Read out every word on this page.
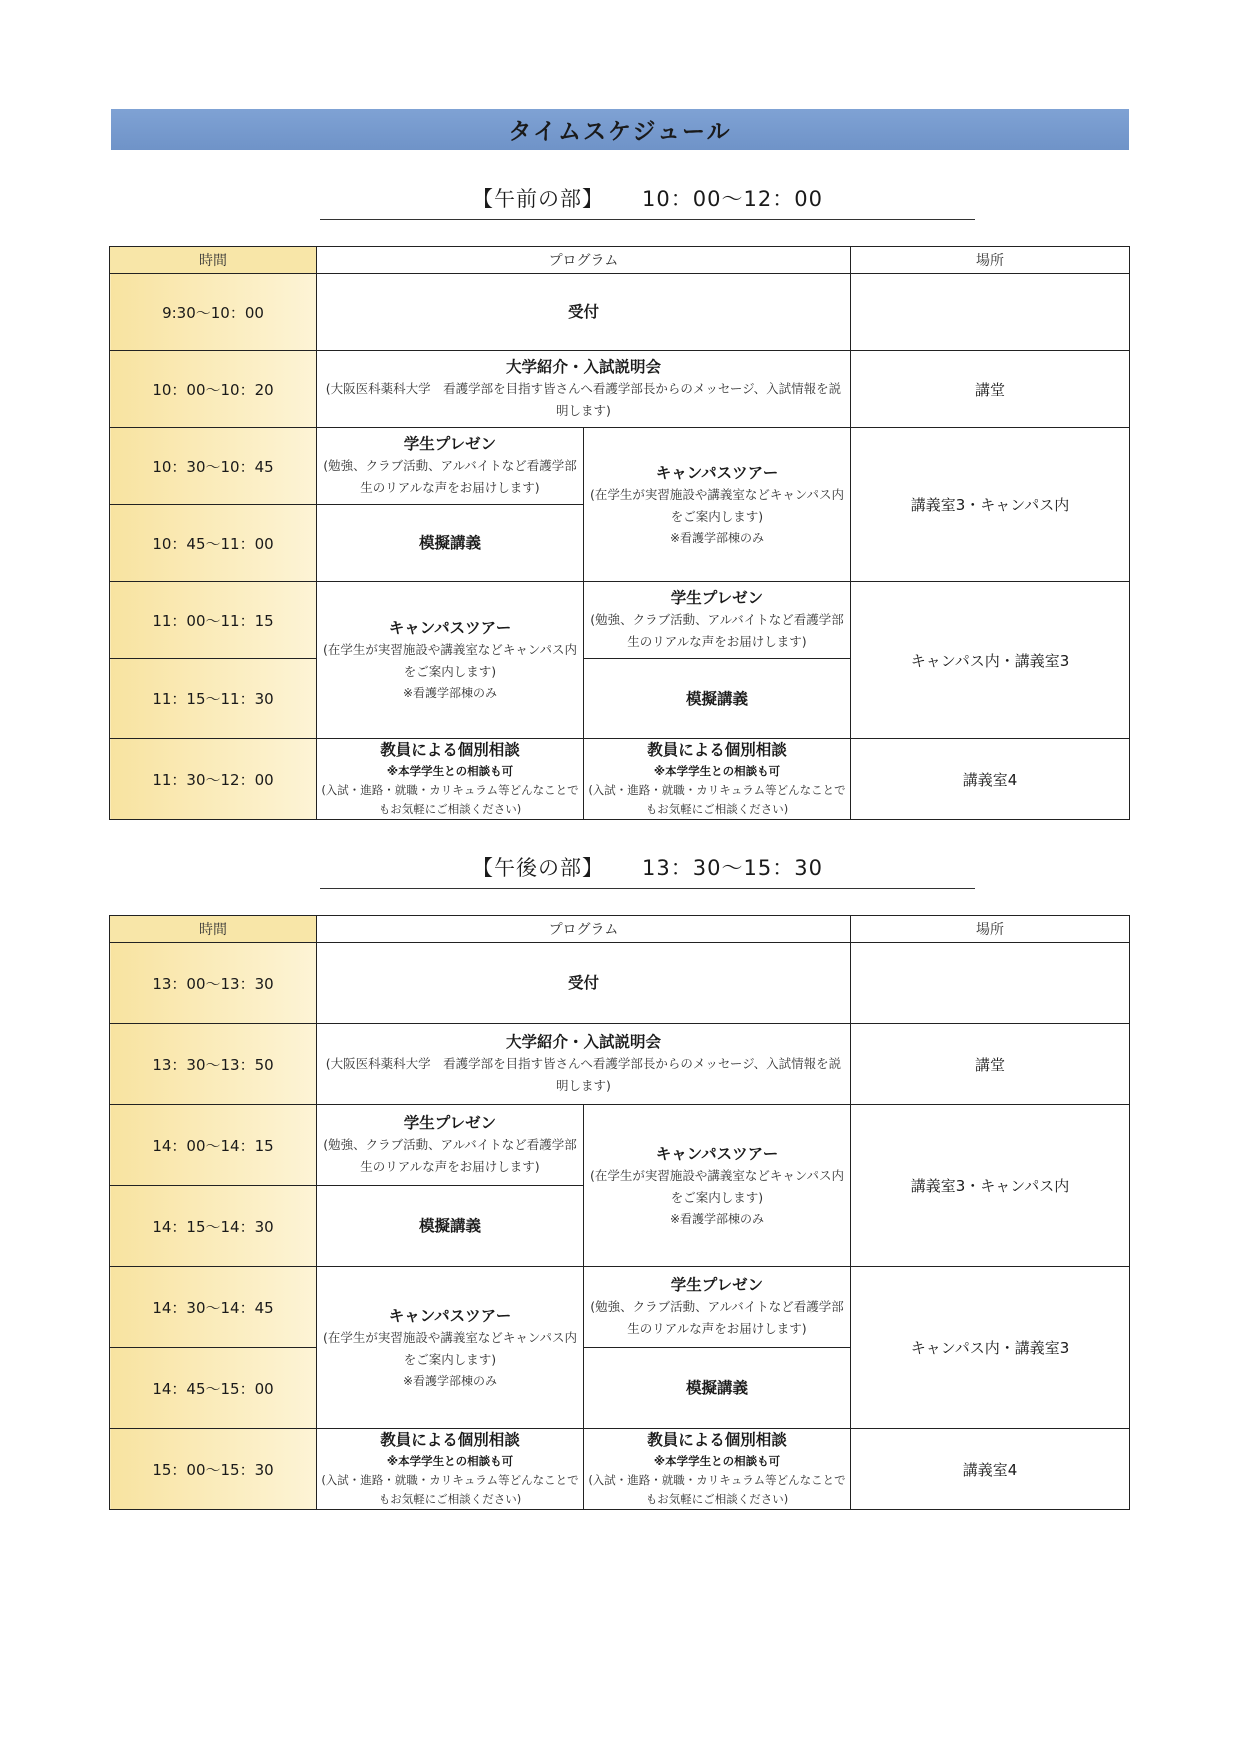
タイムスケジュール
【午前の部】 10：00～12：00
時間	プログラム		場所
9:30～10：00	受付		

10：00～10：20	大学紹介・入試説明会
(大阪医科薬科大学　看護学部を目指す皆さんへ看護学部長からのメッセージ、入試情報を説明します)		講堂
10：30～10：45	学生プレゼン
(勉強、クラブ活動、アルバイトなど看護学部生のリアルな声をお届けします)	キャンパスツアー
(在学生が実習施設や講義室などキャンパス内をご案内します)
※看護学部棟のみ	講義室3・キャンパス内
10：45～11：00	模擬講義		

11：00～11：15	キャンパスツアー
(在学生が実習施設や講義室などキャンパス内をご案内します)
※看護学部棟のみ	学生プレゼン
(勉強、クラブ活動、アルバイトなど看護学部生のリアルな声をお届けします)	キャンパス内・講義室3
11：15～11：30		模擬講義	

11：30～12：00	教員による個別相談
※本学学生との相談も可
(入試・進路・就職・カリキュラム等どんなことでもお気軽にご相談ください)	教員による個別相談
※本学学生との相談も可
(入試・進路・就職・カリキュラム等どんなことでもお気軽にご相談ください)	講義室4
【午後の部】 13：30～15：30
時間	プログラム		場所
13：00～13：30	受付		

13：30～13：50	大学紹介・入試説明会
(大阪医科薬科大学　看護学部を目指す皆さんへ看護学部長からのメッセージ、入試情報を説明します)		講堂
14：00～14：15	学生プレゼン
(勉強、クラブ活動、アルバイトなど看護学部生のリアルな声をお届けします)	キャンパスツアー
(在学生が実習施設や講義室などキャンパス内をご案内します)
※看護学部棟のみ	講義室3・キャンパス内
14：15～14：30	模擬講義		

14：30～14：45	キャンパスツアー
(在学生が実習施設や講義室などキャンパス内をご案内します)
※看護学部棟のみ	学生プレゼン
(勉強、クラブ活動、アルバイトなど看護学部生のリアルな声をお届けします)	キャンパス内・講義室3
14：45～15：00		模擬講義	

15：00～15：30	教員による個別相談
※本学学生との相談も可
(入試・進路・就職・カリキュラム等どんなことでもお気軽にご相談ください)	教員による個別相談
※本学学生との相談も可
(入試・進路・就職・カリキュラム等どんなことでもお気軽にご相談ください)	講義室4
